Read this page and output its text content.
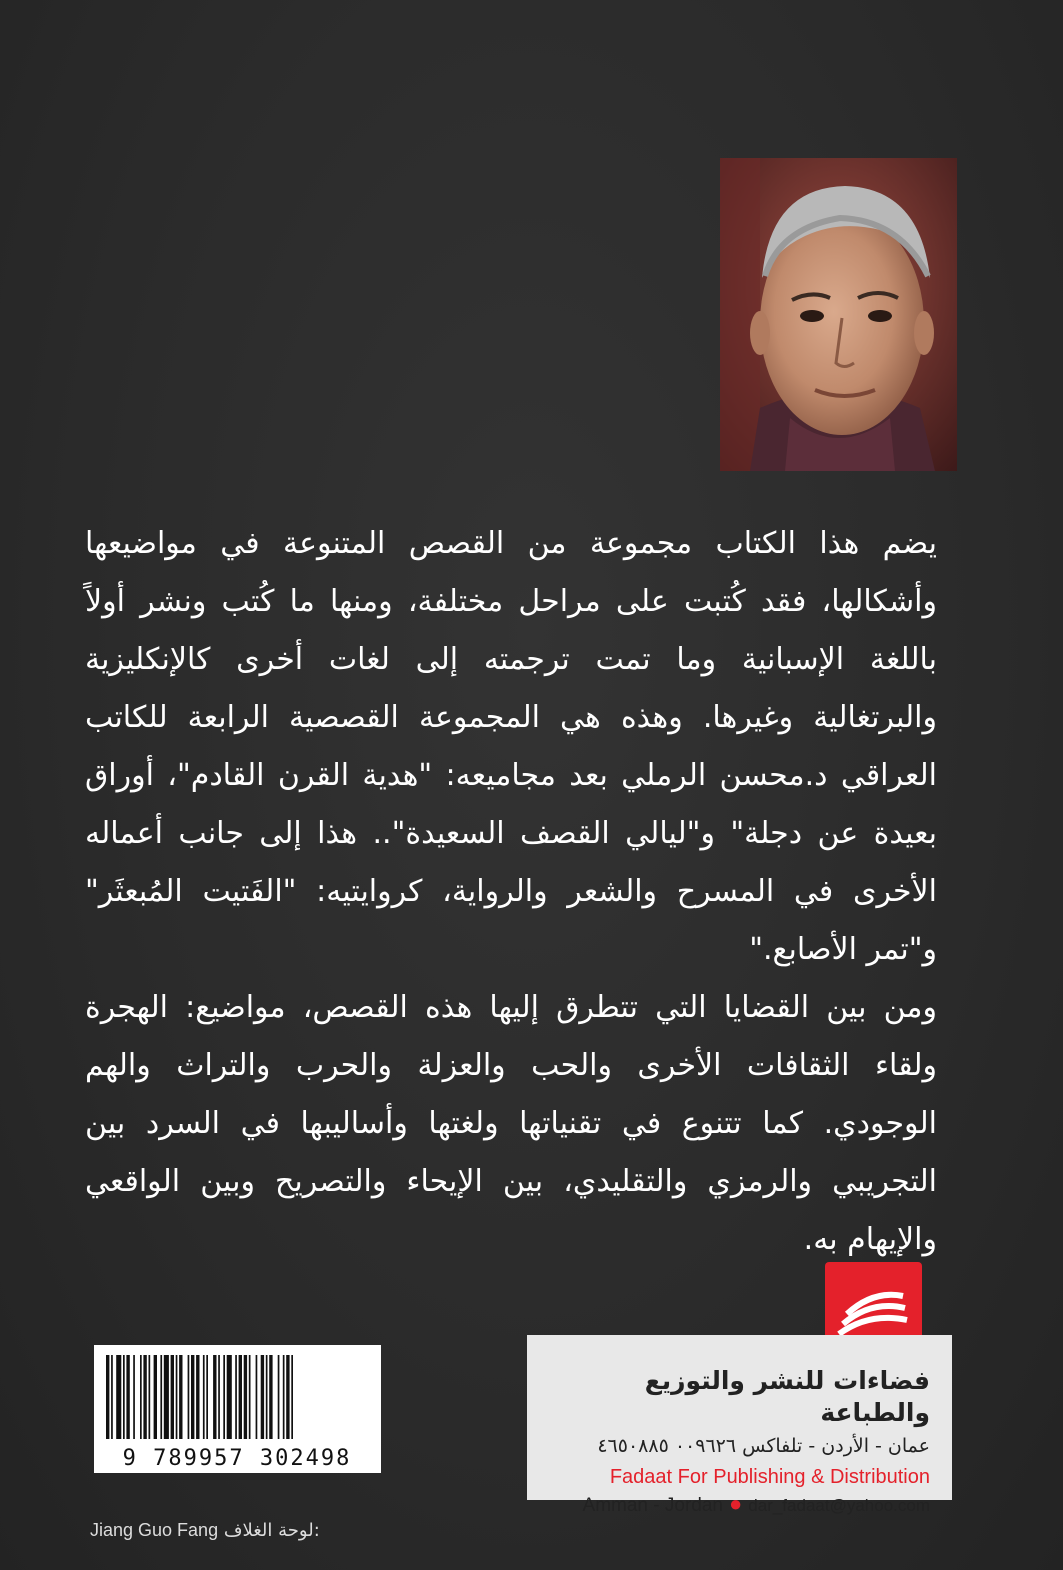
يضم هذا الكتاب مجموعة من القصص المتنوعة في مواضيعها وأشكالها، فقد كُتبت على مراحل مختلفة، ومنها ما كُتب ونشر أولاً باللغة الإسبانية وما تمت ترجمته إلى لغات أخرى كالإنكليزية والبرتغالية وغيرها. وهذه هي المجموعة القصصية الرابعة للكاتب العراقي د.محسن الرملي بعد مجاميعه: "هدية القرن القادم"، أوراق بعيدة عن دجلة" و"ليالي القصف السعيدة".. هذا إلى جانب أعماله الأخرى في المسرح والشعر والرواية، كروايتيه: "الفَتيت المُبعثَر" و"تمر الأصابع."

ومن بين القضايا التي تتطرق إليها هذه القصص، مواضيع: الهجرة ولقاء الثقافات الأخرى والحب والعزلة والحرب والتراث والهم الوجودي. كما تتنوع في تقنياتها ولغتها وأساليبها في السرد بين التجريبي والرمزي والتقليدي، بين الإيحاء والتصريح وبين الواقعي والإيهام به.

فضاءات للنشر والتوزيع والطباعة
عمان - الأردن - تلفاكس ٠٠٩٦٢٦ ٤٦٥٠٨٨٥
Fadaat For Publishing & Distribution
Amman - Jordan ● dar_fadaat@yahoo.com
9 789957 302498
Jiang Guo Fang لوحة الغلاف:
